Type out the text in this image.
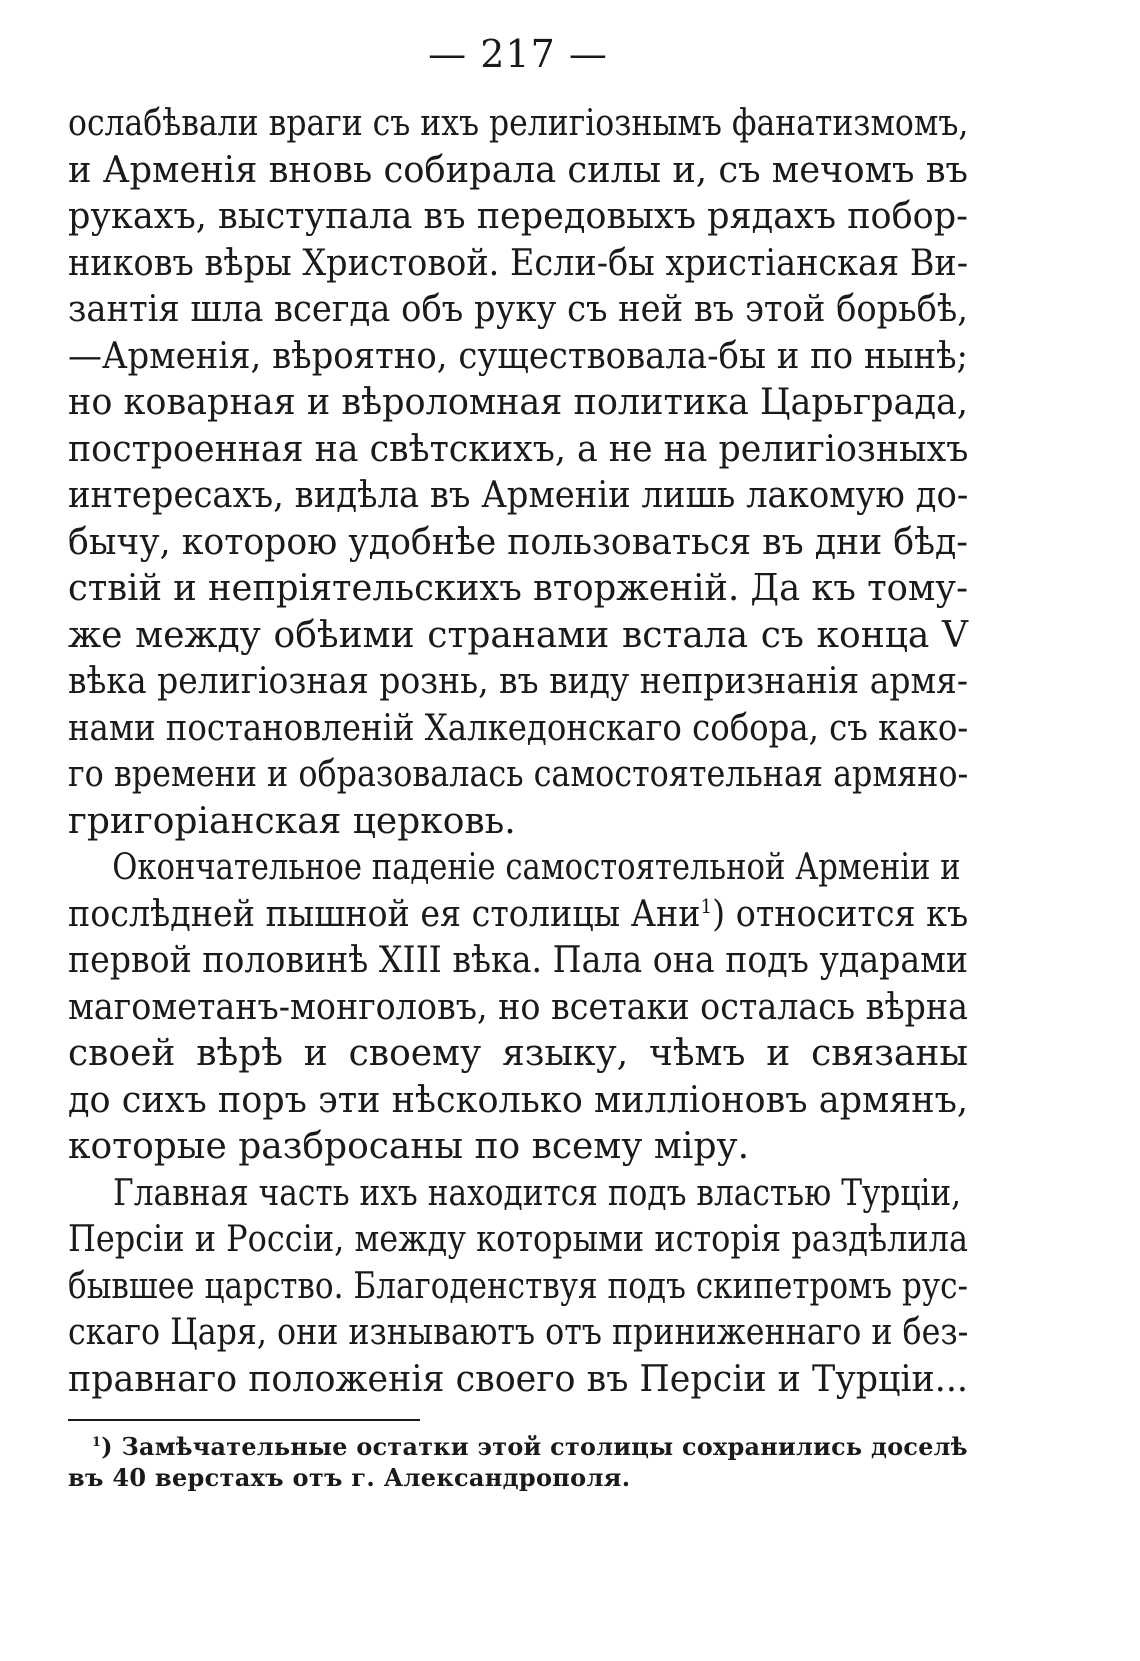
— 217 —
ослабѣвали враги съ ихъ религіознымъ фанатизмомъ,
и Арменія вновь собирала силы и, съ мечомъ въ
рукахъ, выступала въ передовыхъ рядахъ побор-
никовъ вѣры Христовой. Если-бы христіанская Ви-
зантія шла всегда объ руку съ ней въ этой борьбѣ,
—Арменія, вѣроятно, существовала-бы и по нынѣ;
но коварная и вѣроломная политика Царьграда,
построенная на свѣтскихъ, а не на религіозныхъ
интересахъ, видѣла въ Арменіи лишь лакомую до-
бычу, которою удобнѣе пользоваться въ дни бѣд-
ствій и непріятельскихъ вторженій. Да къ тому-
же между обѣими странами встала съ конца V
вѣка религіозная рознь, въ виду непризнанія армя-
нами постановленій Халкедонскаго собора, съ како-
го времени и образовалась самостоятельная армяно-
григоріанская церковь.
Окончательное паденіе самостоятельной Арменіи и
послѣдней пышной ея столицы Ани$^1$) относится къ
первой половинѣ XIII вѣка. Пала она подъ ударами
магометанъ-монголовъ, но всетаки осталась вѣрна
своей вѣрѣ и своему языку, чѣмъ и связаны
до сихъ поръ эти нѣсколько милліоновъ армянъ,
которые разбросаны по всему міру.
Главная часть ихъ находится подъ властью Турціи,
Персіи и Россіи, между которыми исторія раздѣлила
бывшее царство. Благоденствуя подъ скипетромъ рус-
скаго Царя, они изнываютъ отъ приниженнаго и без-
правнаго положенія своего въ Персіи и Турціи...
$^1$) Замѣчательные остатки этой столицы сохранились доселѣ
въ 40 верстахъ отъ г. Александрополя.
